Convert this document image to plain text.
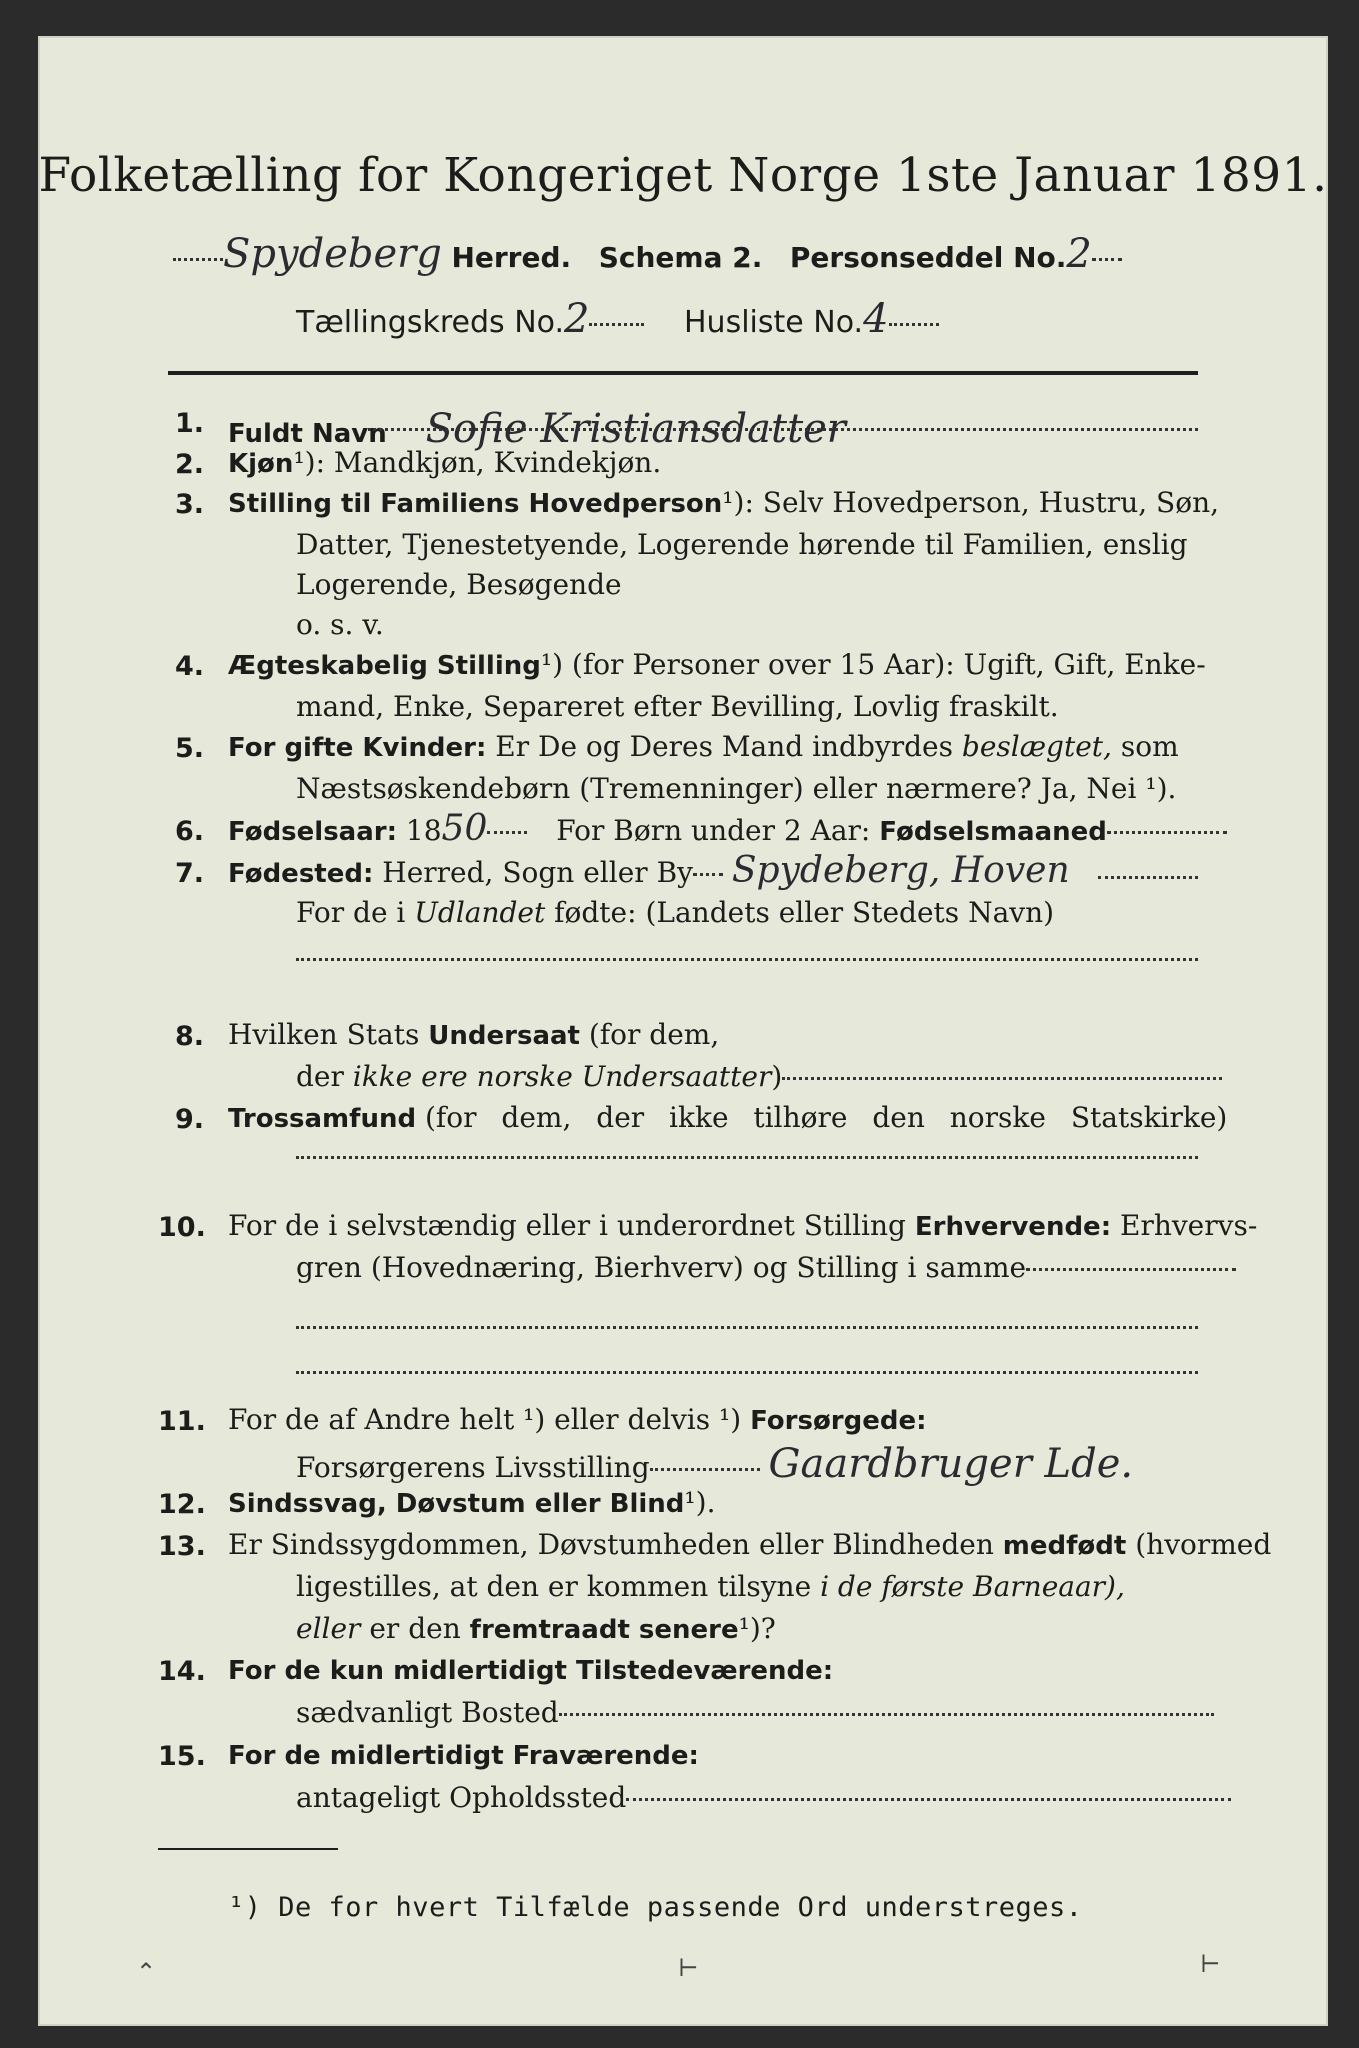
Folketælling for Kongeriget Norge 1ste Januar 1891.
Spydeberg Herred. Schema 2. Personseddel No.2
Tællingskreds No.2	Husliste No.4
1. Fuldt Navn Sofie Kristiansdatter
2. Kjøn¹): Mandkjøn, Kvindekjøn.
3. Stilling til Familiens Hovedperson¹): Selv Hovedperson, Hustru, Søn,
Datter, Tjenestetyende, Logerende hørende til Familien, enslig
Logerende, Besøgende
o. s. v.
4. Ægteskabelig Stilling¹) (for Personer over 15 Aar): Ugift, Gift, Enke-
mand, Enke, Separeret efter Bevilling, Lovlig fraskilt.
5. For gifte Kvinder: Er De og Deres Mand indbyrdes beslægtet, som
Næstsøskendebørn (Tremenninger) eller nærmere? Ja, Nei ¹).
6. Fødselsaar: 1850 For Børn under 2 Aar: Fødselsmaaned
7. Fødested: Herred, Sogn eller By Spydeberg, Hoven
For de i Udlandet fødte: (Landets eller Stedets Navn)
8. Hvilken Stats Undersaat (for dem,
der ikke ere norske Undersaatter)
9. Trossamfund (for dem, der ikke tilhøre den norske Statskirke)
10. For de i selvstændig eller i underordnet Stilling Erhvervende: Erhvervs-
gren (Hovednæring, Bierhverv) og Stilling i samme
11. For de af Andre helt ¹) eller delvis ¹) Forsørgede:
Forsørgerens Livsstilling	Gaardbruger Lde.
12. Sindssvag, Døvstum eller Blind¹).
13. Er Sindssygdommen, Døvstumheden eller Blindheden medfødt (hvormed
ligestilles, at den er kommen tilsyne i de første Barneaar),
eller er den fremtraadt senere¹)?
14. For de kun midlertidigt Tilstedeværende:
sædvanligt Bosted
15. For de midlertidigt Fraværende:
antageligt Opholdssted
¹) De for hvert Tilfælde passende Ord understreges.
⌃	⊢	⊢
